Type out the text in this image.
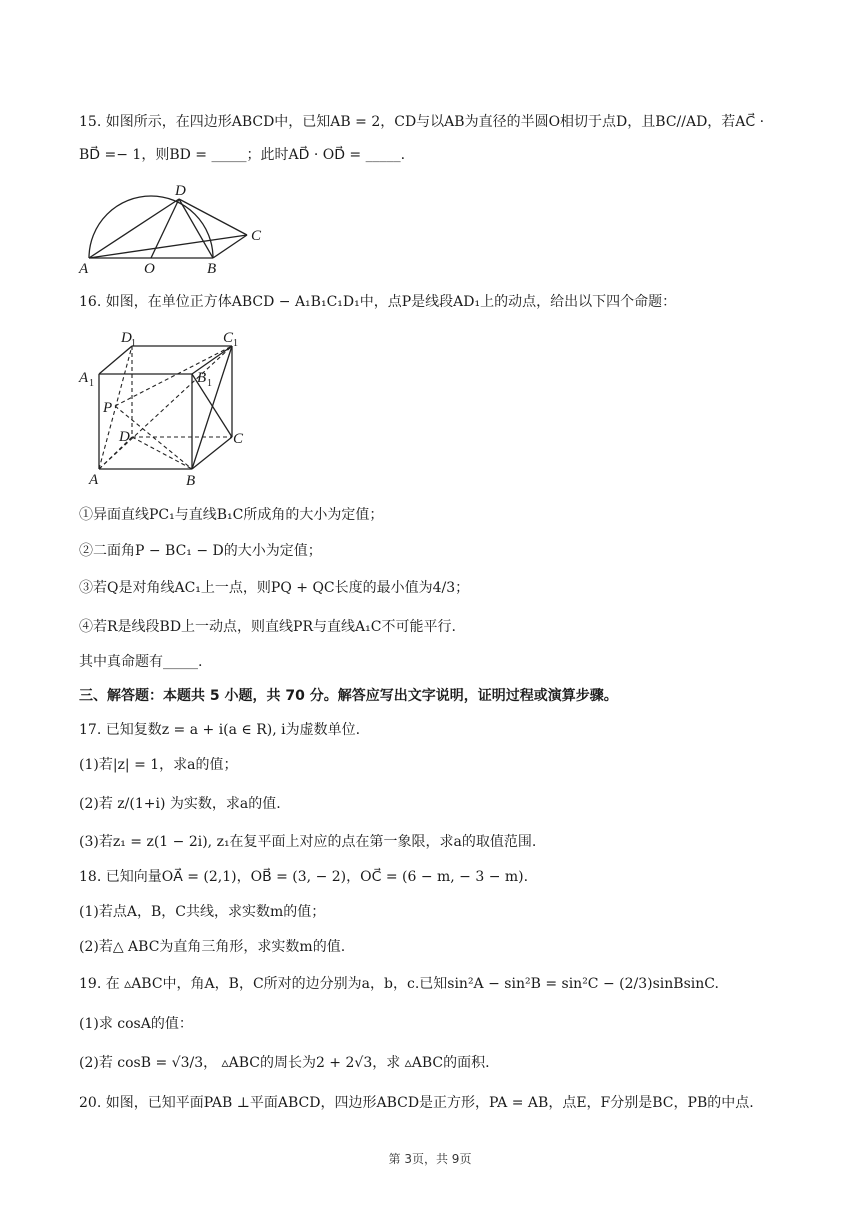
15. 如图所示，在四边形ABCD中，已知AB = 2，CD与以AB为直径的半圆O相切于点D，且BC//AD，若AC⃗ ·
BD⃗ =− 1，则BD = _____；此时AD⃗ · OD⃗ = _____.
D
C
A	O	B
16. 如图，在单位正方体ABCD − A₁B₁C₁D₁中，点P是线段AD₁上的动点，给出以下四个命题：
D	C
A	B
P
D	C
A	B
1	1
1	1
①异面直线PC₁与直线B₁C所成角的大小为定值；
②二面角P − BC₁ − D的大小为定值；
③若Q是对角线AC₁上一点，则PQ + QC长度的最小值为4/3；
④若R是线段BD上一动点，则直线PR与直线A₁C不可能平行.
其中真命题有_____.
三、解答题：本题共 5 小题，共 70 分。解答应写出文字说明，证明过程或演算步骤。
17. 已知复数z = a + i(a ∈ R), i为虚数单位.
(1)若|z| = 1，求a的值；
(2)若 z/(1+i) 为实数，求a的值.
(3)若z₁ = z(1 − 2i), z₁在复平面上对应的点在第一象限，求a的取值范围.
18. 已知向量OA⃗ = (2,1)，OB⃗ = (3, − 2)，OC⃗ = (6 − m, − 3 − m).
(1)若点A，B，C共线，求实数m的值；
(2)若△ ABC为直角三角形，求实数m的值.
19. 在 ▵ABC中，角A，B，C所对的边分别为a，b，c.已知sin²A − sin²B = sin²C − (2/3)sinBsinC.
(1)求 cosA的值：
(2)若 cosB = √3/3， ▵ABC的周长为2 + 2√3，求 ▵ABC的面积.
20. 如图，已知平面PAB ⊥平面ABCD，四边形ABCD是正方形，PA = AB，点E，F分别是BC，PB的中点.
第 3页，共 9页
